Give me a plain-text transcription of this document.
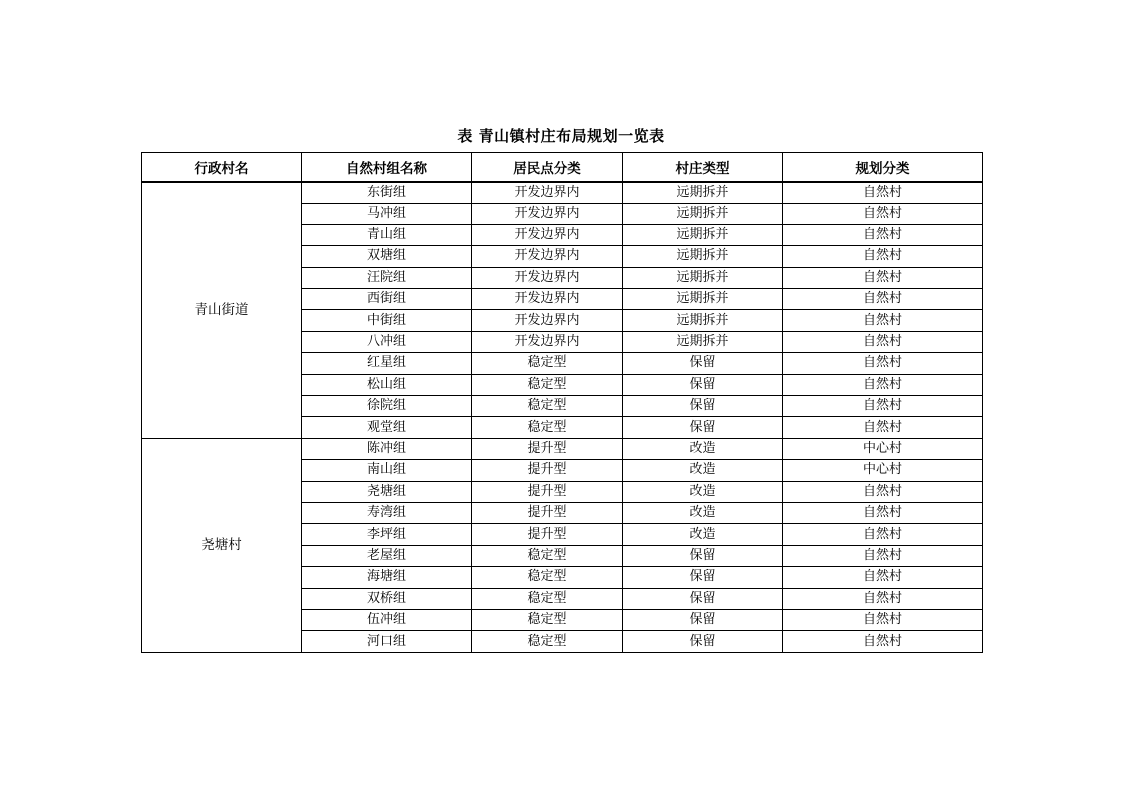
表 青山镇村庄布局规划一览表
行政村名	自然村组名称	居民点分类	村庄类型	规划分类
青山街道	东街组	开发边界内	远期拆并	自然村
	马冲组	开发边界内	远期拆并	自然村
	青山组	开发边界内	远期拆并	自然村
	双塘组	开发边界内	远期拆并	自然村
	汪院组	开发边界内	远期拆并	自然村
	西街组	开发边界内	远期拆并	自然村
	中街组	开发边界内	远期拆并	自然村
	八冲组	开发边界内	远期拆并	自然村
	红星组	稳定型	保留	自然村
	松山组	稳定型	保留	自然村
	徐院组	稳定型	保留	自然村
	观堂组	稳定型	保留	自然村
尧塘村	陈冲组	提升型	改造	中心村
	南山组	提升型	改造	中心村
	尧塘组	提升型	改造	自然村
	寿湾组	提升型	改造	自然村
	李坪组	提升型	改造	自然村
	老屋组	稳定型	保留	自然村
	海塘组	稳定型	保留	自然村
	双桥组	稳定型	保留	自然村
	伍冲组	稳定型	保留	自然村
	河口组	稳定型	保留	自然村
